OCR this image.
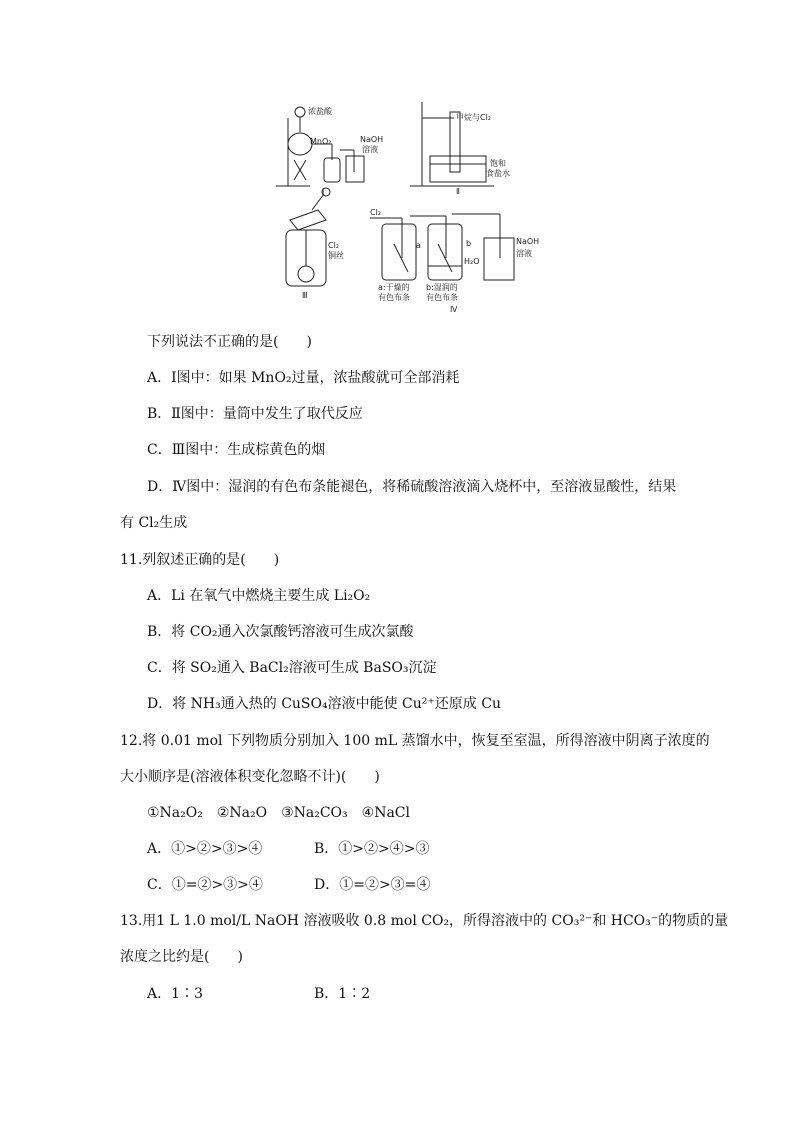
浓盐酸
MnO₂	NaOH
溶液
Ⅰ
甲烷与Cl₂
饱和
食盐水
Ⅱ
Cl₂
铜丝
Ⅲ
Cl₂
a	b
H₂O
NaOH
溶液
a:干燥的
有色布条
b:湿润的
有色布条
Ⅳ
下列说法不正确的是(　　)
A．Ⅰ图中：如果 MnO₂过量，浓盐酸就可全部消耗
B．Ⅱ图中：量筒中发生了取代反应
C．Ⅲ图中：生成棕黄色的烟
D．Ⅳ图中：湿润的有色布条能褪色，将稀硫酸溶液滴入烧杯中，至溶液显酸性，结果
有 Cl₂生成
11.列叙述正确的是(　　)
A．Li 在氧气中燃烧主要生成 Li₂O₂
B．将 CO₂通入次氯酸钙溶液可生成次氯酸
C．将 SO₂通入 BaCl₂溶液可生成 BaSO₃沉淀
D．将 NH₃通入热的 CuSO₄溶液中能使 Cu²⁺还原成 Cu
12.将 0.01 mol 下列物质分别加入 100 mL 蒸馏水中，恢复至室温，所得溶液中阴离子浓度的
大小顺序是(溶液体积变化忽略不计)(　　)
①Na₂O₂　②Na₂O　③Na₂CO₃　④NaCl
A．①>②>③>④	B．①>②>④>③
C．①=②>③>④	D．①=②>③=④
13.用1 L 1.0 mol/L NaOH 溶液吸收 0.8 mol CO₂，所得溶液中的 CO₃²⁻和 HCO₃⁻的物质的量
浓度之比约是(　　)
A．1∶3	B．1∶2
